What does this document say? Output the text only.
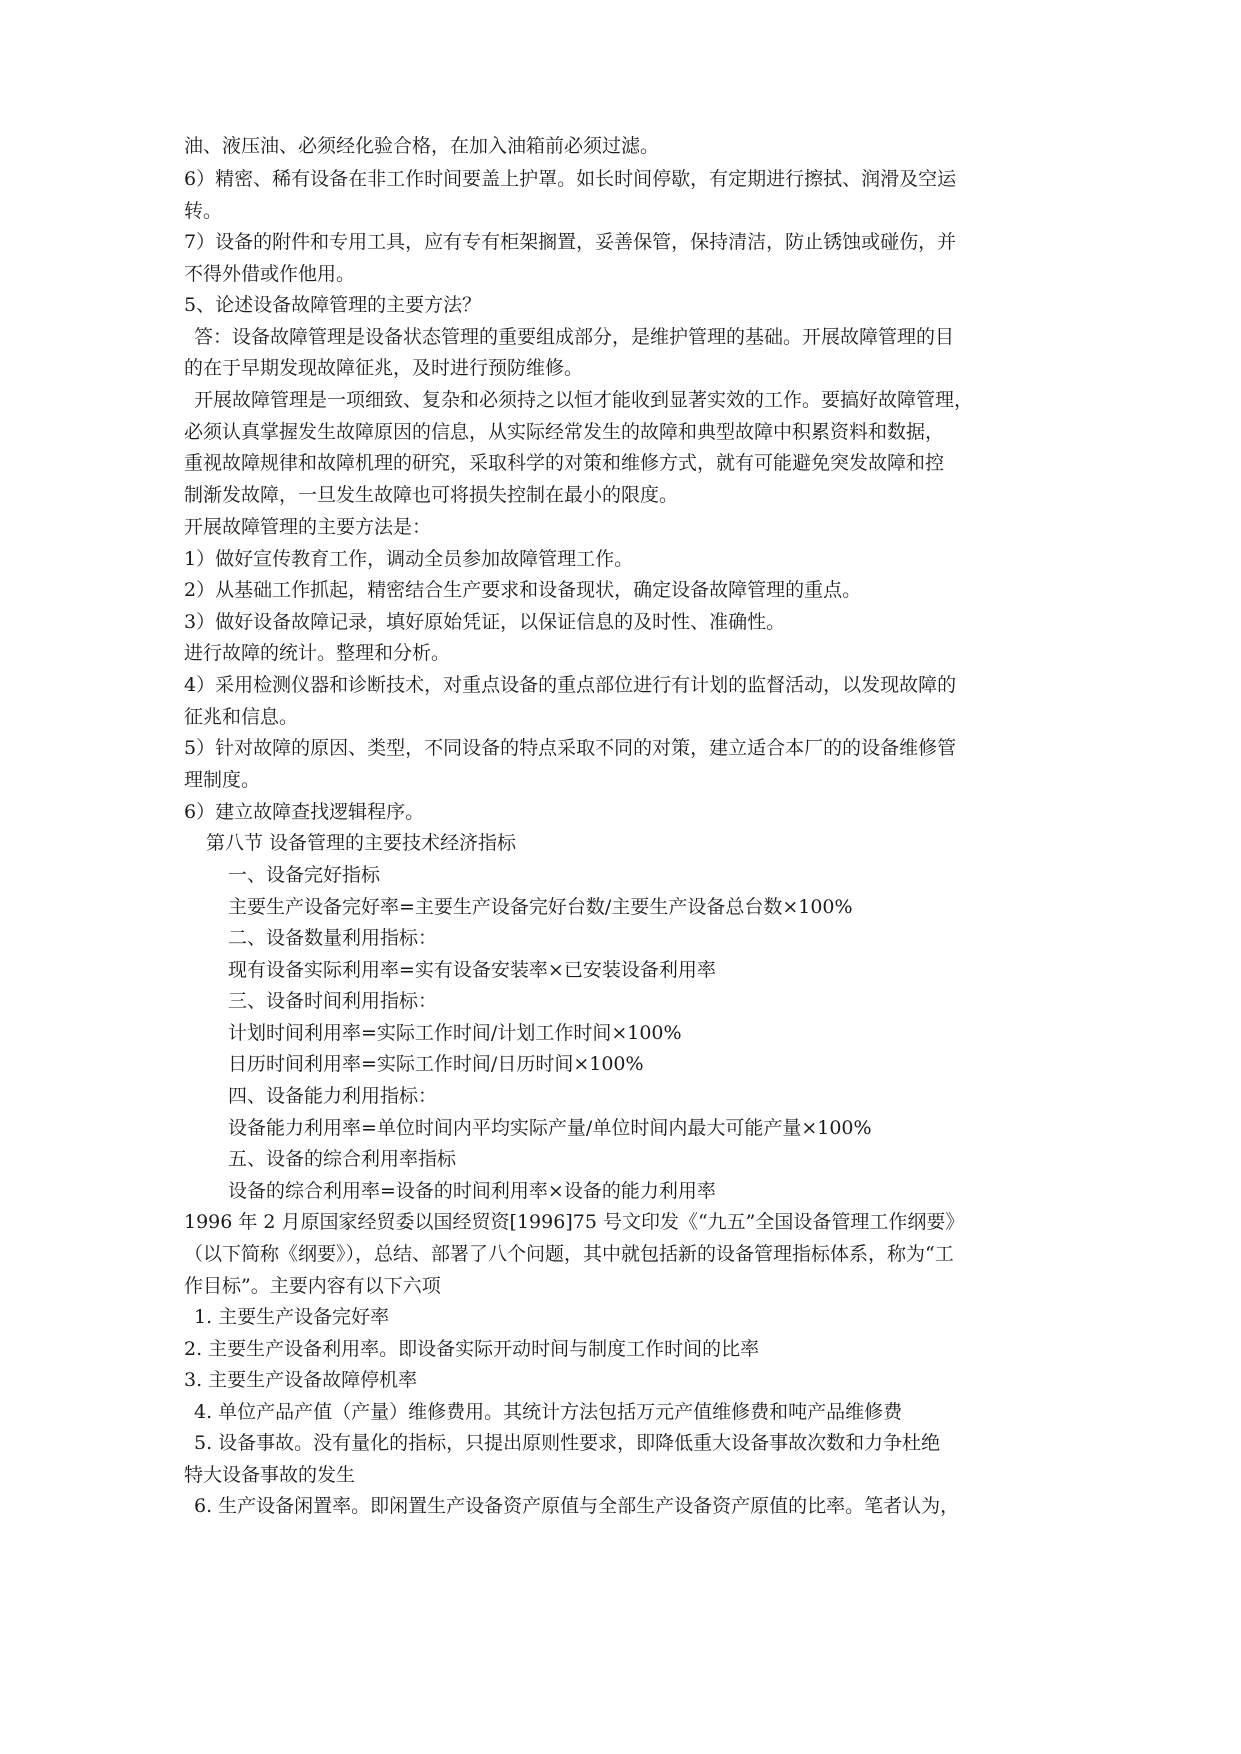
油、液压油、必须经化验合格，在加入油箱前必须过滤。
6）精密、稀有设备在非工作时间要盖上护罩。如长时间停歇，有定期进行擦拭、润滑及空运
转。
7）设备的附件和专用工具，应有专有柜架搁置，妥善保管，保持清洁，防止锈蚀或碰伤，并
不得外借或作他用。
5、论述设备故障管理的主要方法？
答：设备故障管理是设备状态管理的重要组成部分，是维护管理的基础。开展故障管理的目
的在于早期发现故障征兆，及时进行预防维修。
开展故障管理是一项细致、复杂和必须持之以恒才能收到显著实效的工作。要搞好故障管理，
必须认真掌握发生故障原因的信息，从实际经常发生的故障和典型故障中积累资料和数据，
重视故障规律和故障机理的研究，采取科学的对策和维修方式，就有可能避免突发故障和控
制渐发故障，一旦发生故障也可将损失控制在最小的限度。
开展故障管理的主要方法是：
1）做好宣传教育工作，调动全员参加故障管理工作。
2）从基础工作抓起，精密结合生产要求和设备现状，确定设备故障管理的重点。
3）做好设备故障记录，填好原始凭证，以保证信息的及时性、准确性。
进行故障的统计。整理和分析。
4）采用检测仪器和诊断技术，对重点设备的重点部位进行有计划的监督活动，以发现故障的
征兆和信息。
5）针对故障的原因、类型，不同设备的特点采取不同的对策，建立适合本厂的的设备维修管
理制度。
6）建立故障查找逻辑程序。
第八节 设备管理的主要技术经济指标
一、设备完好指标
主要生产设备完好率=主要生产设备完好台数/主要生产设备总台数×100%
二、设备数量利用指标：
现有设备实际利用率=实有设备安装率×已安装设备利用率
三、设备时间利用指标：
计划时间利用率=实际工作时间/计划工作时间×100%
日历时间利用率=实际工作时间/日历时间×100%
四、设备能力利用指标：
设备能力利用率=单位时间内平均实际产量/单位时间内最大可能产量×100%
五、设备的综合利用率指标
设备的综合利用率=设备的时间利用率×设备的能力利用率
1996 年 2 月原国家经贸委以国经贸资[1996]75 号文印发《“九五”全国设备管理工作纲要》
（以下简称《纲要》），总结、部署了八个问题，其中就包括新的设备管理指标体系，称为“工
作目标”。主要内容有以下六项
1. 主要生产设备完好率
2. 主要生产设备利用率。即设备实际开动时间与制度工作时间的比率
3. 主要生产设备故障停机率
4. 单位产品产值（产量）维修费用。其统计方法包括万元产值维修费和吨产品维修费
5. 设备事故。没有量化的指标，只提出原则性要求，即降低重大设备事故次数和力争杜绝
特大设备事故的发生
6. 生产设备闲置率。即闲置生产设备资产原值与全部生产设备资产原值的比率。笔者认为，
